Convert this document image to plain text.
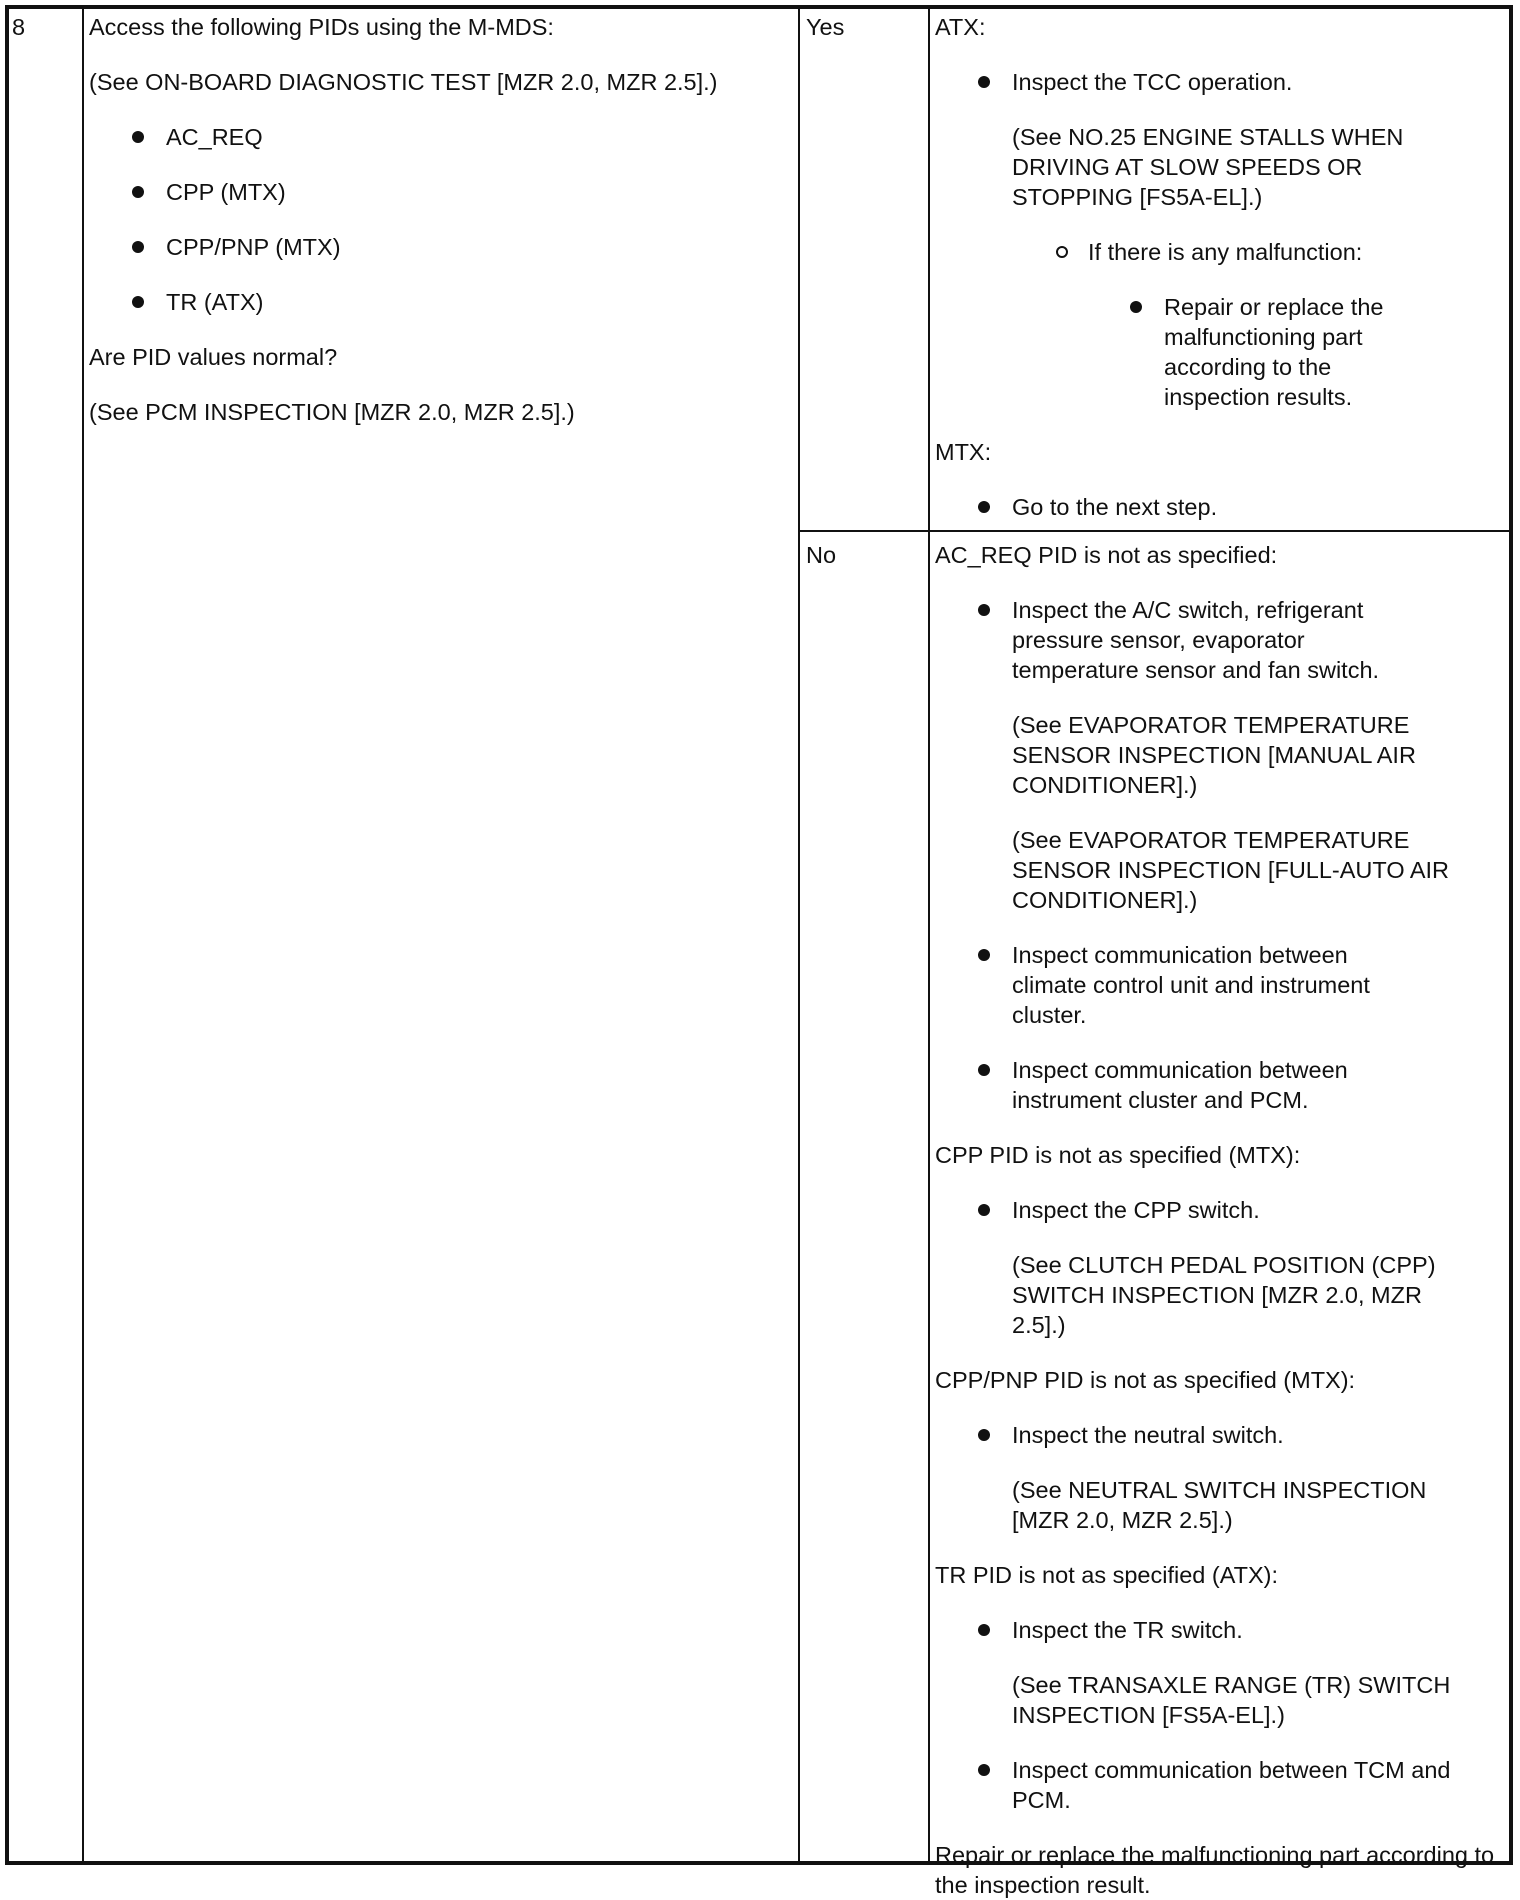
8	Access the following PIDs using the M-MDS:

(See ON-BOARD DIAGNOSTIC TEST [MZR 2.0, MZR 2.5].)

AC_REQ
CPP (MTX)
CPP/PNP (MTX)
TR (ATX)

Are PID values normal?

(See PCM INSPECTION [MZR 2.0, MZR 2.5].)

Yes	ATX:

Inspect the TCC operation.

(See NO.25 ENGINE STALLS WHEN DRIVING AT SLOW SPEEDS OR STOPPING [FS5A-EL].)

If there is any malfunction:
Repair or replace the malfunctioning part according to the inspection results.

MTX:

Go to the next step.
No	AC_REQ PID is not as specified:

Inspect the A/C switch, refrigerant pressure sensor, evaporator temperature sensor and fan switch.

(See EVAPORATOR TEMPERATURE SENSOR INSPECTION [MANUAL AIR CONDITIONER].)

(See EVAPORATOR TEMPERATURE SENSOR INSPECTION [FULL-AUTO AIR CONDITIONER].)

Inspect communication between climate control unit and instrument cluster.
Inspect communication between instrument cluster and PCM.

CPP PID is not as specified (MTX):

Inspect the CPP switch.

(See CLUTCH PEDAL POSITION (CPP) SWITCH INSPECTION [MZR 2.0, MZR 2.5].)

CPP/PNP PID is not as specified (MTX):

Inspect the neutral switch.

(See NEUTRAL SWITCH INSPECTION [MZR 2.0, MZR 2.5].)

TR PID is not as specified (ATX):

Inspect the TR switch.

(See TRANSAXLE RANGE (TR) SWITCH INSPECTION [FS5A-EL].)

Inspect communication between TCM and PCM.

Repair or replace the malfunctioning part according to the inspection result.
